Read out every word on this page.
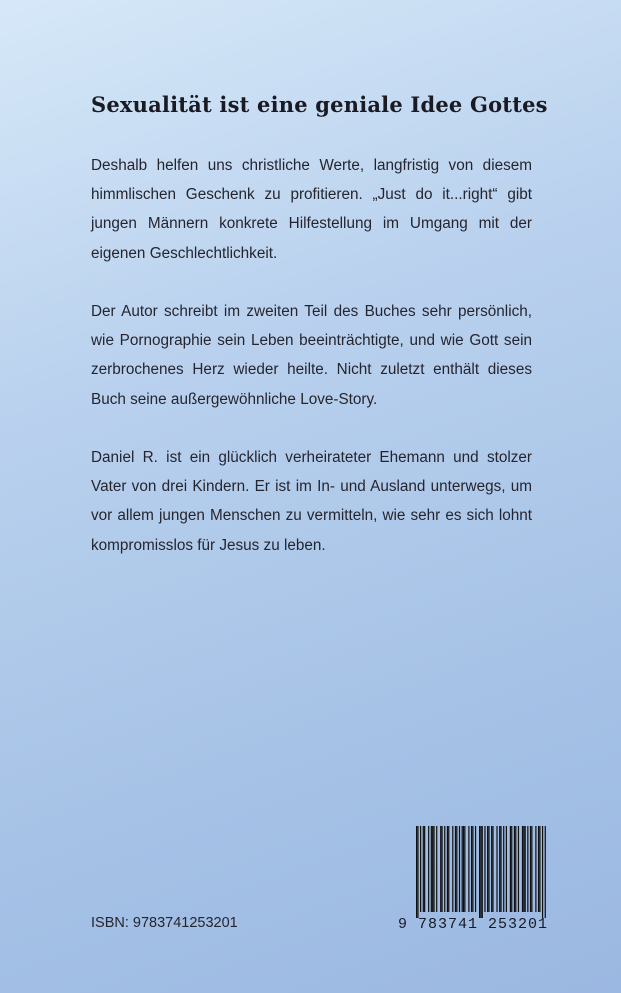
Sexualität ist eine geniale Idee Gottes

Deshalb helfen uns christliche Werte, langfristig von diesem himmlischen Geschenk zu profitieren. „Just do it...right“ gibt jungen Männern konkrete Hilfestellung im Umgang mit der eigenen Geschlechtlichkeit.

Der Autor schreibt im zweiten Teil des Buches sehr persönlich, wie Pornographie sein Leben beeinträchtigte, und wie Gott sein zerbrochenes Herz wieder heilte. Nicht zuletzt enthält dieses Buch seine außergewöhnliche Love-Story.

Daniel R. ist ein glücklich verheirateter Ehemann und stolzer Vater von drei Kindern. Er ist im In- und Ausland unterwegs, um vor allem jungen Menschen zu vermitteln, wie sehr es sich lohnt kompromisslos für Jesus zu leben.

ISBN: 9783741253201	9 783741 253201
